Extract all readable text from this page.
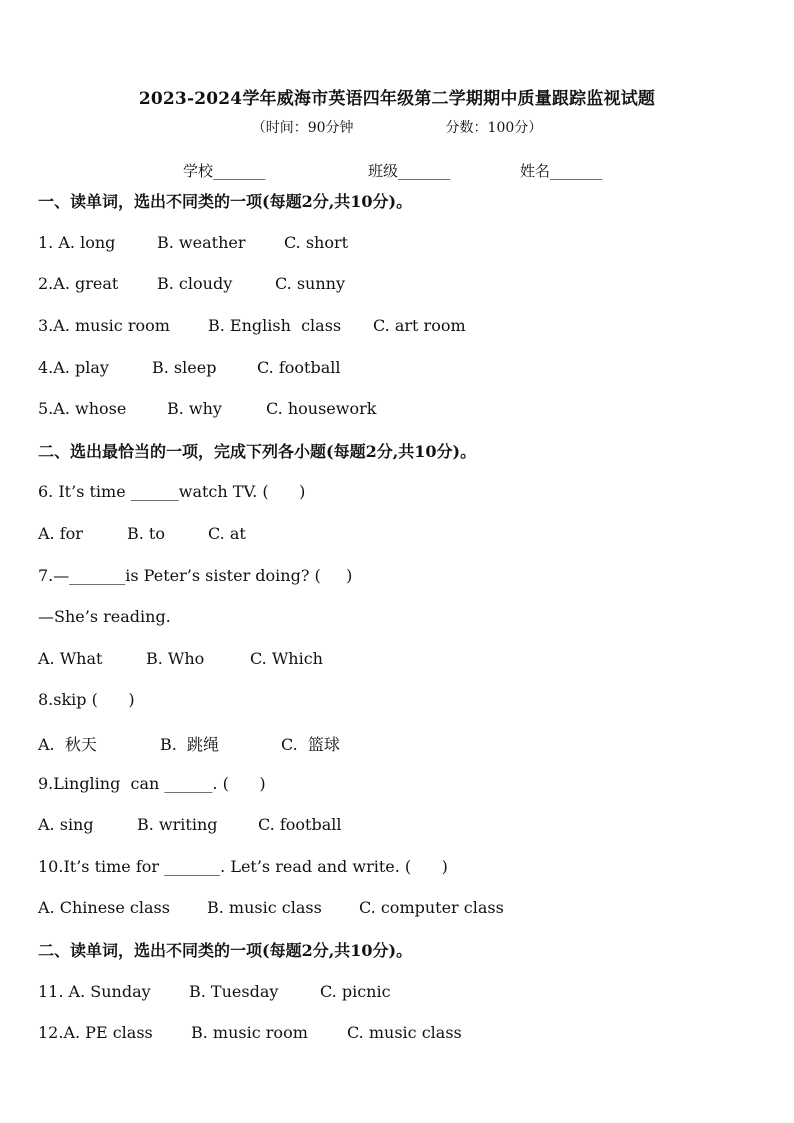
2023-2024学年威海市英语四年级第二学期期中质量跟踪监视试题
（时间：90分钟	分数：100分）
学校_______	班级_______	姓名_______
一、读单词，选出不同类的一项(每题2分,共10分)。
1. A. long	B. weather C. short
2.A. great B. cloudy	C. sunny
3.A. music room B. English  class C. art room
4.A. play	B. sleep	C. football
5.A. whose	B. why	C. housework
二、选出最恰当的一项，完成下列各小题(每题2分,共10分)。
6. It’s time ______watch TV. (      )
A. for	B. to	C. at
7.—_______is Peter’s sister doing? (     )
—She’s reading.
A. What	B. Who	C. Which
8.skip (      )
A.  秋天	B.  跳绳	C.  篮球
9.Lingling  can ______. (      )
A. sing	B. writing	C. football
10.It’s time for _______. Let’s read and write. (      )
A. Chinese class B. music class C. computer class
二、读单词，选出不同类的一项(每题2分,共10分)。
11. A. Sunday B. Tuesday	C. picnic
12.A. PE class B. music room C. music class
